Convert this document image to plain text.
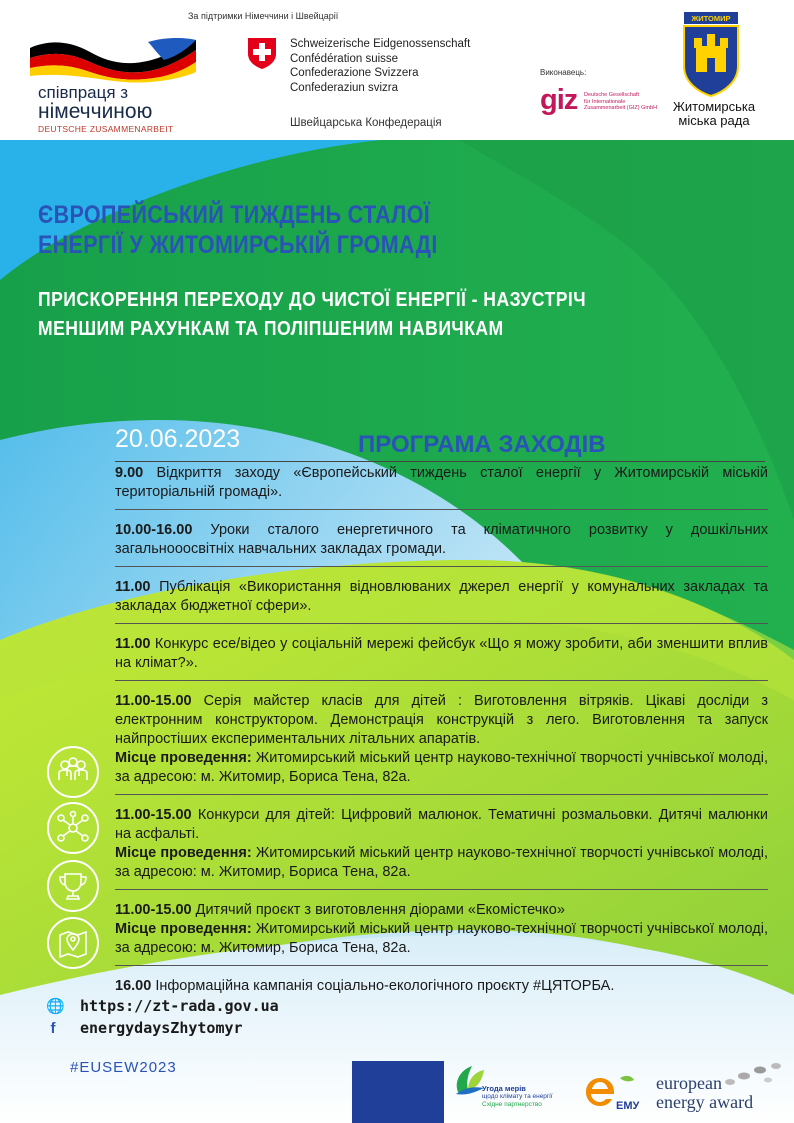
За підтримки Німеччини і Швейцарії
співпраця з
німеччиною
DEUTSCHE ZUSAMMENARBEIT
Schweizerische Eidgenossenschaft
Confédération suisse
Confederazione Svizzera
Confederaziun svizra
Швейцарська Конфедерація
Виконавець:
giz Deutsche Gesellschaft
für Internationale
Zusammenarbeit (GIZ) GmbH
ЖИТОМИР
Житомирська
міська рада
ЄВРОПЕЙСЬКИЙ ТИЖДЕНЬ СТАЛОЇ
ЕНЕРГІЇ У ЖИТОМИРСЬКІЙ ГРОМАДІ
ПРИСКОРЕННЯ ПЕРЕХОДУ ДО ЧИСТОЇ ЕНЕРГІЇ - НАЗУСТРІЧ
МЕНШИМ РАХУНКАМ ТА ПОЛІПШЕНИМ НАВИЧКАМ
20.06.2023	ПРОГРАМА ЗАХОДІВ
9.00 Відкриття заходу «Європейський тиждень сталої енергії у Житомирській міській територіальній громаді».
10.00-16.00 Уроки сталого енергетичного та кліматичного розвитку у дошкільних загальнооосвітніх навчальних закладах громади.
11.00 Публікація «Використання відновлюваних джерел енергії у комунальних закладах та закладах бюджетної сфери».
11.00 Конкурс есе/відео у соціальній мережі фейсбук «Що я можу зробити, аби зменшити вплив на клімат?».
11.00-15.00 Серія майстер класів для дітей : Виготовлення вітряків. Цікаві досліди з електронним конструктором. Демонстрація конструкцій з лего. Виготовлення та запуск найпростіших експериментальних літальних апаратів.
Місце проведення: Житомирський міський центр науково-технічної творчості учнівської молоді, за адресою: м. Житомир, Бориса Тена, 82а.
11.00-15.00 Конкурси для дітей: Цифровий малюнок. Тематичні розмальовки. Дитячі малюнки на асфальті.
Місце проведення: Житомирський міський центр науково-технічної творчості учнівської молоді, за адресою: м. Житомир, Бориса Тена, 82а.
11.00-15.00 Дитячий проєкт з виготовлення діорами «Екомістечко»
Місце проведення: Житомирський міський центр науково-технічної творчості учнівської молоді, за адресою: м. Житомир, Бориса Тена, 82а.
16.00 Інформаційна кампанія соціально-екологічного проєкту #ЦЯТОРБА.
🌐 https://zt-rada.gov.ua
f energydaysZhytomyr
#EUSEW2023
Угода мерів
щодо клімату та енергії
Східне партнерство	ЕМУ
european
energy award
